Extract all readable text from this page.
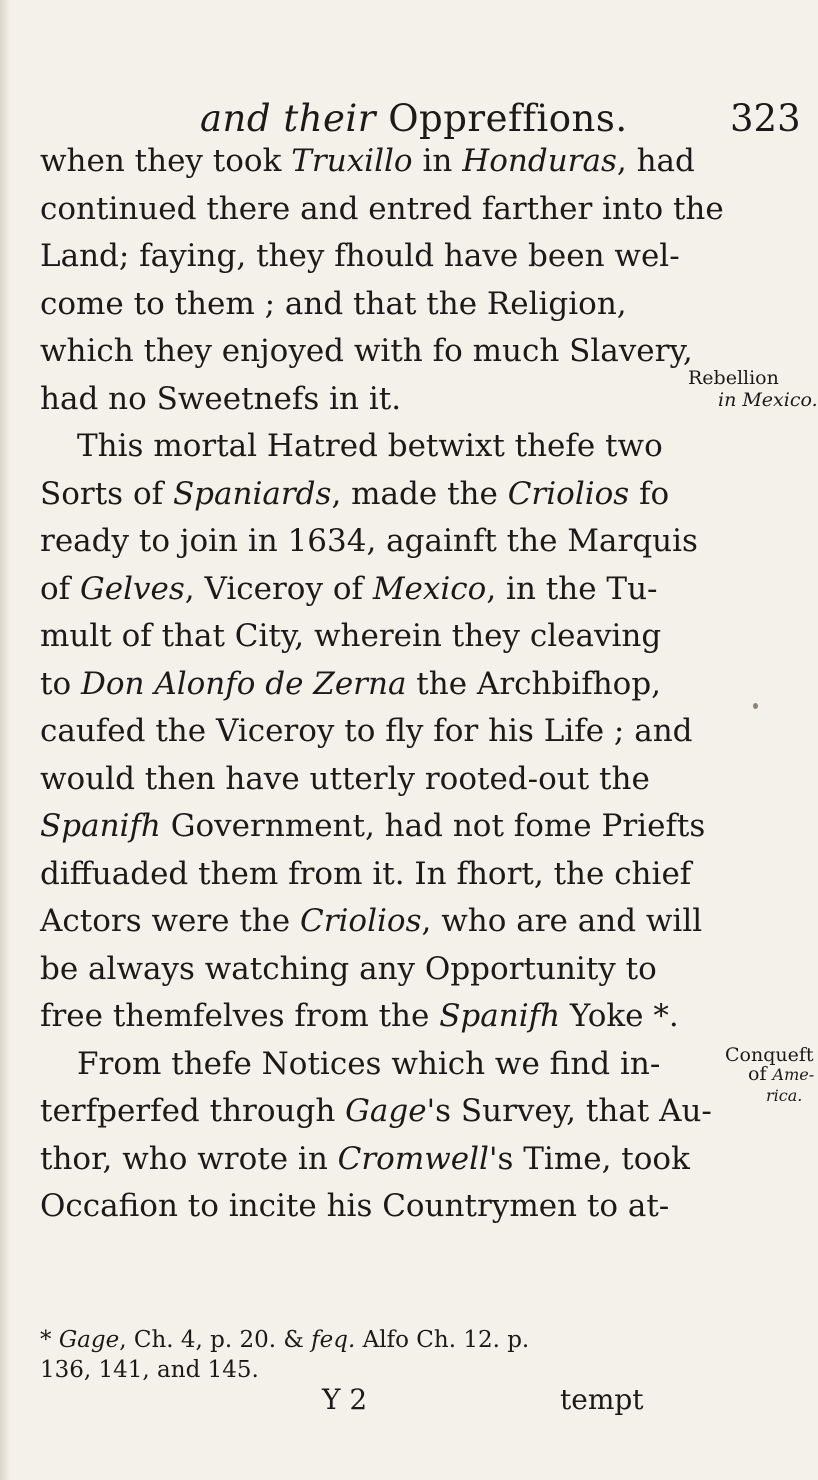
and their Oppreffions.	323
when they took Truxillo in Honduras, had
continued there and entred farther into the
Land; faying, they fhould have been wel-
come to them ; and that the Religion,
which they enjoyed with fo much Slavery,
had no Sweetnefs in it.
This mortal Hatred betwixt thefe two
Sorts of Spaniards, made the Criolios fo
ready to join in 1634, againft the Marquis
of Gelves, Viceroy of Mexico, in the Tu-
mult of that City, wherein they cleaving
to Don Alonfo de Zerna the Archbifhop,
caufed the Viceroy to fly for his Life ; and
would then have utterly rooted-out the
Spanifh Government, had not fome Priefts
diffuaded them from it. In fhort, the chief
Actors were the Criolios, who are and will
be always watching any Opportunity to
free themfelves from the Spanifh Yoke *.
From thefe Notices which we find in-
terfperfed through Gage's Survey, that Au-
thor, who wrote in Cromwell's Time, took
Occafion to incite his Countrymen to at-
Rebellion
in Mexico.
Conqueft
of Ame-
rica.
* Gage, Ch. 4, p. 20. & feq. Alfo Ch. 12. p.
136, 141, and 145.
Y 2	tempt
